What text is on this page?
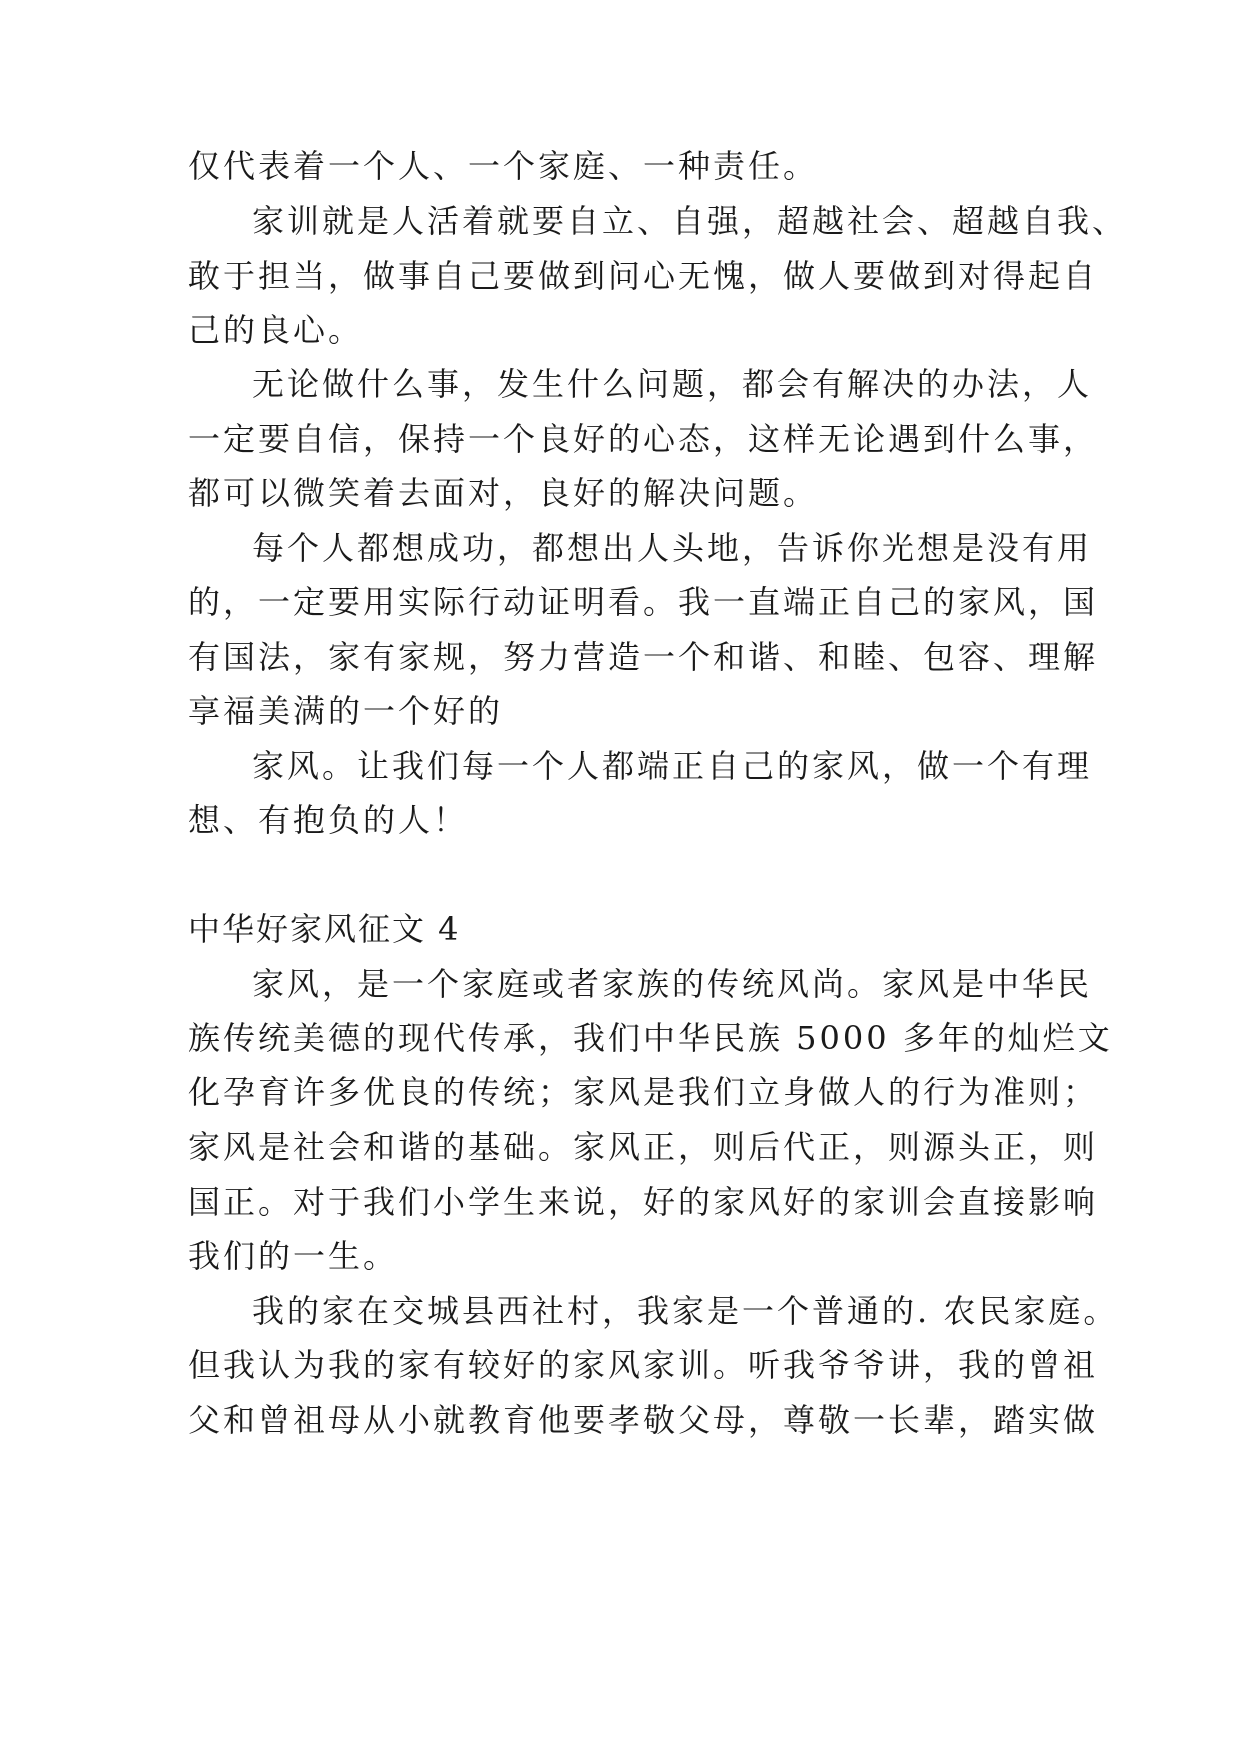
仅代表着一个人、一个家庭、一种责任。

家训就是人活着就要自立、自强，超越社会、超越自我、

敢于担当，做事自己要做到问心无愧，做人要做到对得起自

己的良心。

无论做什么事，发生什么问题，都会有解决的办法，人

一定要自信，保持一个良好的心态，这样无论遇到什么事，

都可以微笑着去面对，良好的解决问题。

每个人都想成功，都想出人头地，告诉你光想是没有用

的，一定要用实际行动证明看。我一直端正自己的家风，国

有国法，家有家规，努力营造一个和谐、和睦、包容、理解

享福美满的一个好的

家风。让我们每一个人都端正自己的家风，做一个有理

想、有抱负的人！

中华好家风征文 4

家风，是一个家庭或者家族的传统风尚。家风是中华民

族传统美德的现代传承，我们中华民族 5000 多年的灿烂文

化孕育许多优良的传统；家风是我们立身做人的行为准则；

家风是社会和谐的基础。家风正，则后代正，则源头正，则

国正。对于我们小学生来说，好的家风好的家训会直接影响

我们的一生。

我的家在交城县西社村，我家是一个普通的. 农民家庭。

但我认为我的家有较好的家风家训。听我爷爷讲，我的曾祖

父和曾祖母从小就教育他要孝敬父母，尊敬一长辈，踏实做
